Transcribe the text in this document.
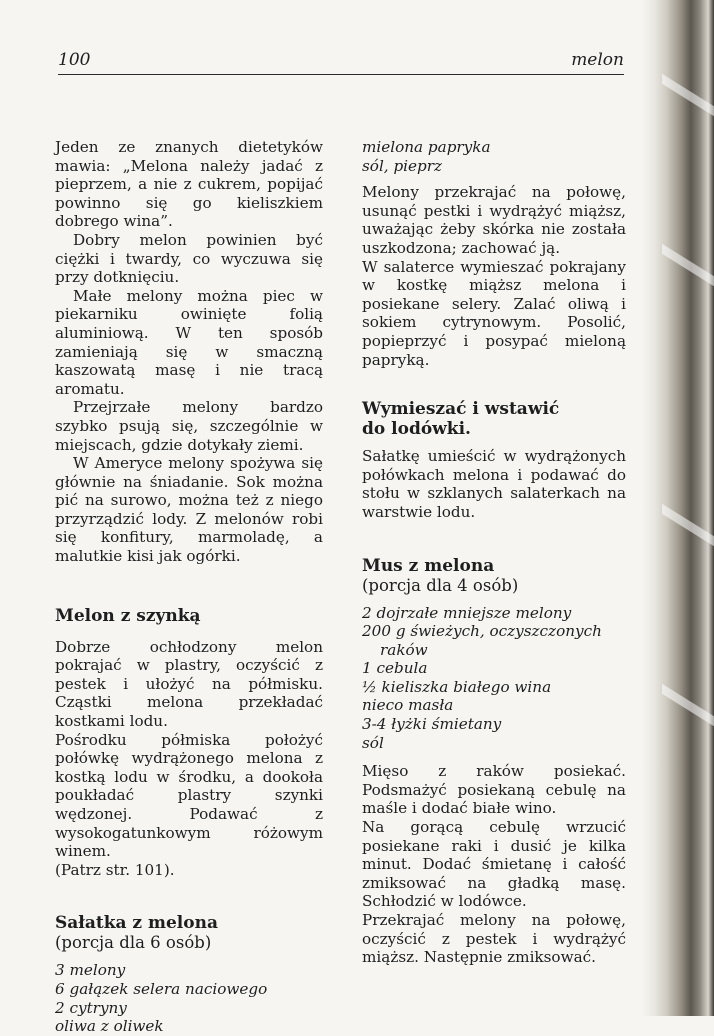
100	melon

Jeden ze znanych dietetyków mawia: „Melona należy jadać z pieprzem, a nie z cukrem, popijać powinno się go kieliszkiem dobrego wina”.

Dobry melon powinien być ciężki i twardy, co wyczuwa się przy dotknięciu.

Małe melony można piec w piekarniku owinięte folią aluminiową. W ten sposób zamieniają się w smaczną kaszowatą masę i nie tracą aromatu.

Przejrzałe melony bardzo szybko psują się, szczególnie w miejscach, gdzie dotykały ziemi.

W Ameryce melony spożywa się głównie na śniadanie. Sok można pić na surowo, można też z niego przyrządzić lody. Z melonów robi się konfitury, marmoladę, a malutkie kisi jak ogórki.

Melon z szynką

Dobrze ochłodzony melon pokrajać w plastry, oczyścić z pestek i ułożyć na półmisku. Cząstki melona przekładać kostkami lodu.

Pośrodku półmiska położyć połówkę wydrążonego melona z kostką lodu w środku, a dookoła poukładać plastry szynki wędzonej. Podawać z wysokogatunkowym różowym winem.

(Patrz str. 101).

Sałatka z melona

(porcja dla 6 osób)

3 melony

6 gałązek selera naciowego

2 cytryny

oliwa z oliwek

mielona papryka

sól, pieprz

Melony przekrajać na połowę, usunąć pestki i wydrążyć miąższ, uważając żeby skórka nie została uszkodzona; zachować ją.

W salaterce wymieszać pokrajany w kostkę miąższ melona i posiekane selery. Zalać oliwą i sokiem cytrynowym. Posolić, popieprzyć i posypać mieloną papryką.

Wymieszać i wstawić
do lodówki.

Sałatkę umieścić w wydrążonych połówkach melona i podawać do stołu w szklanych salaterkach na warstwie lodu.

Mus z melona

(porcja dla 4 osób)

2 dojrzałe mniejsze melony

200 g świeżych, oczyszczonych

raków

1 cebula

½ kieliszka białego wina

nieco masła

3-4 łyżki śmietany

sól

Mięso z raków posiekać. Podsmażyć posiekaną cebulę na maśle i dodać białe wino.

Na gorącą cebulę wrzucić posiekane raki i dusić je kilka minut. Dodać śmietanę i całość zmiksować na gładką masę. Schłodzić w lodówce.

Przekrajać melony na połowę, oczyścić z pestek i wydrążyć miąższ. Następnie zmiksować.
